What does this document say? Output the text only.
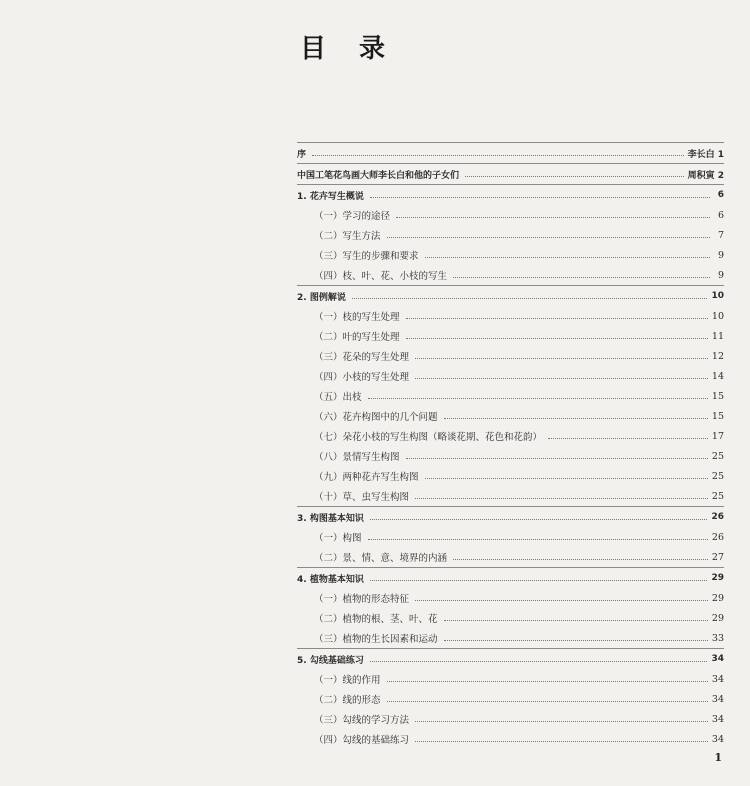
目 录
序	李长白 1
中国工笔花鸟画大师李长白和他的子女们	周积寅 2
1. 花卉写生概说	6
（一）学习的途径	6
（二）写生方法	7
（三）写生的步骤和要求	9
（四）枝、叶、花、小枝的写生	9
2. 图例解说	10
（一）枝的写生处理	10
（二）叶的写生处理	11
（三）花朵的写生处理	12
（四）小枝的写生处理	14
（五）出枝	15
（六）花卉构图中的几个问题	15
（七）朵花小枝的写生构图（略谈花期、花色和花韵）	17
（八）景情写生构图	25
（九）两种花卉写生构图	25
（十）草、虫写生构图	25
3. 构图基本知识	26
（一）构图	26
（二）景、情、意、境界的内涵	27
4. 植物基本知识	29
（一）植物的形态特征	29
（二）植物的根、茎、叶、花	29
（三）植物的生长因素和运动	33
5. 勾线基础练习	34
（一）线的作用	34
（二）线的形态	34
（三）勾线的学习方法	34
（四）勾线的基础练习	34
1
